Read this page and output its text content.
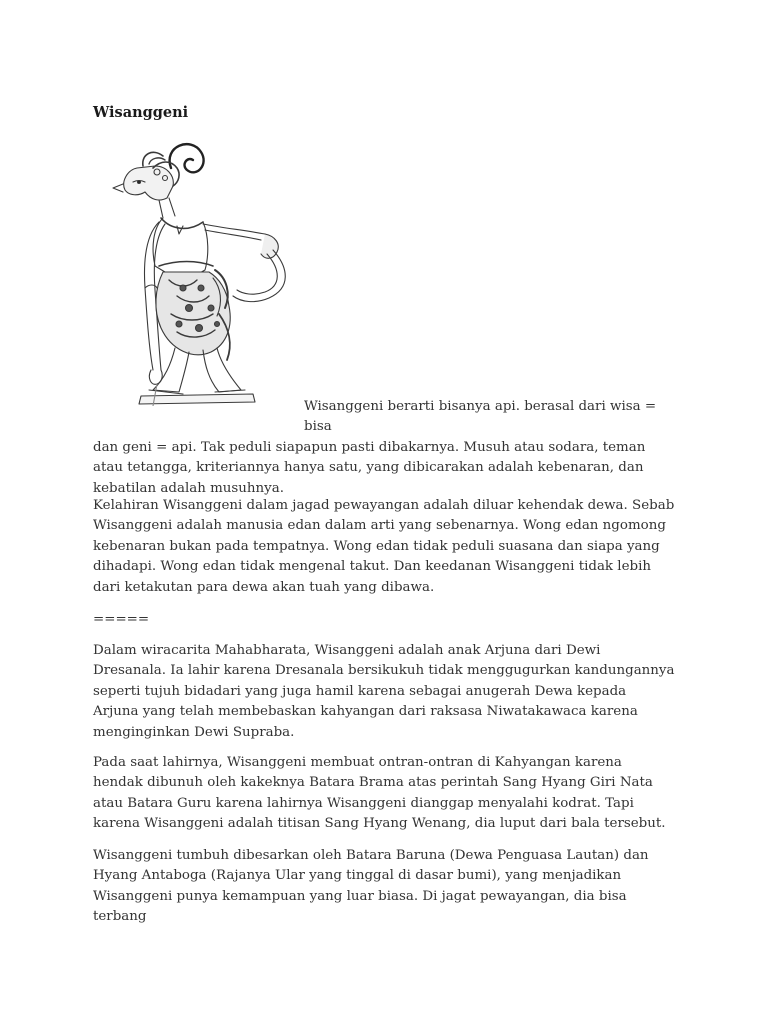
Wisanggeni

Wisanggeni berarti bisanya api. berasal dari wisa = bisa
dan geni = api. Tak peduli siapapun pasti dibakarnya. Musuh atau sodara, teman atau tetangga, kriteriannya hanya satu, yang dibicarakan adalah kebenaran, dan kebatilan adalah musuhnya.

Kelahiran Wisanggeni dalam jagad pewayangan adalah diluar kehendak dewa. Sebab Wisanggeni adalah manusia edan dalam arti yang sebenarnya. Wong edan ngomong kebenaran bukan pada tempatnya. Wong edan tidak peduli suasana dan siapa yang dihadapi. Wong edan tidak mengenal takut. Dan keedanan Wisanggeni tidak lebih dari ketakutan para dewa akan tuah yang dibawa.

=====

Dalam wiracarita Mahabharata, Wisanggeni adalah anak Arjuna dari Dewi Dresanala. Ia lahir karena Dresanala bersikukuh tidak menggugurkan kandungannya seperti tujuh bidadari yang juga hamil karena sebagai anugerah Dewa kepada Arjuna yang telah membebaskan kahyangan dari raksasa Niwatakawaca karena menginginkan Dewi Supraba.

Pada saat lahirnya, Wisanggeni membuat ontran-ontran di Kahyangan karena hendak dibunuh oleh kakeknya Batara Brama atas perintah Sang Hyang Giri Nata atau Batara Guru karena lahirnya Wisanggeni dianggap menyalahi kodrat. Tapi karena Wisanggeni adalah titisan Sang Hyang Wenang, dia luput dari bala tersebut.

Wisanggeni tumbuh dibesarkan oleh Batara Baruna (Dewa Penguasa Lautan) dan Hyang Antaboga (Rajanya Ular yang tinggal di dasar bumi), yang menjadikan Wisanggeni punya kemampuan yang luar biasa. Di jagat pewayangan, dia bisa terbang
